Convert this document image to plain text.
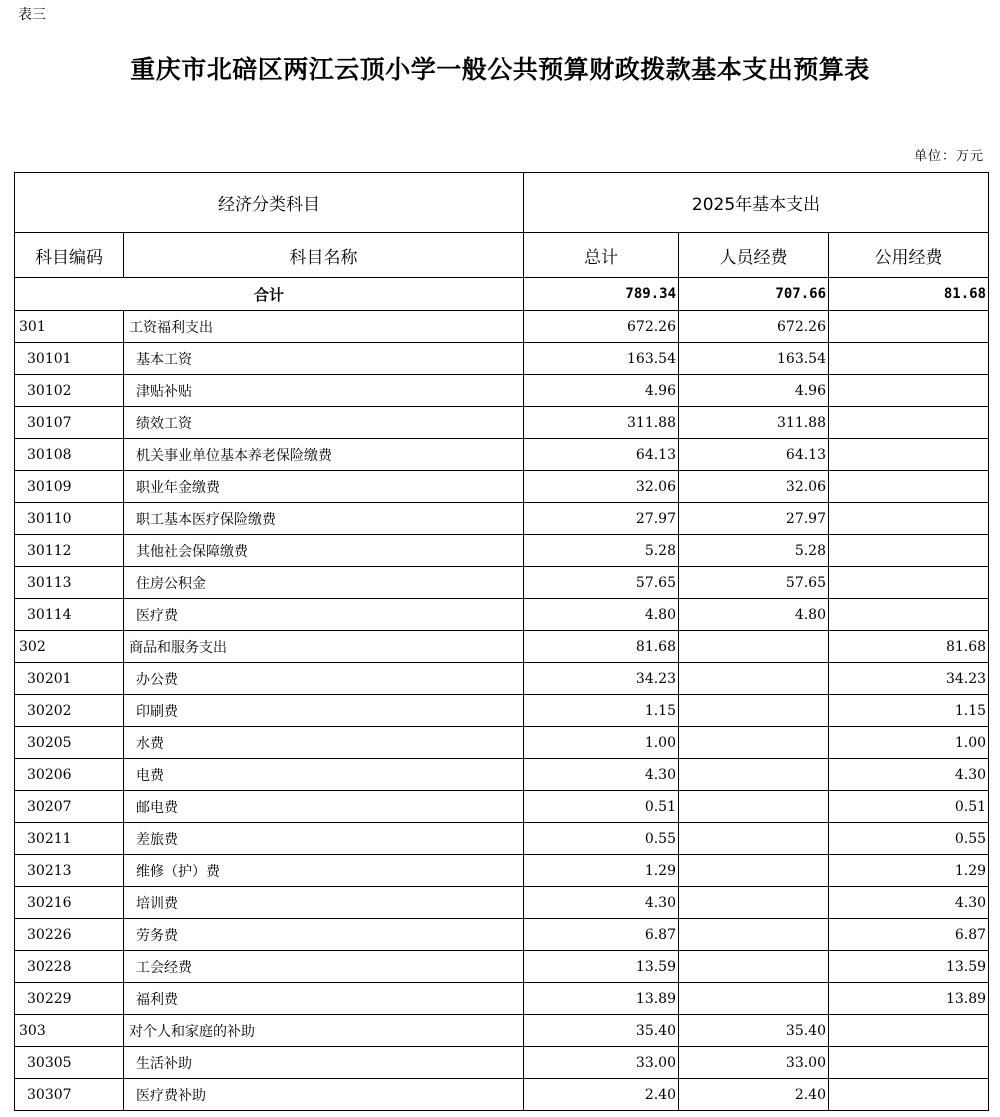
表三
重庆市北碚区两江云顶小学一般公共预算财政拨款基本支出预算表
单位：万元
经济分类科目		2025年基本支出		
科目编码	科目名称	总计	人员经费	公用经费
合计		789.34	707.66	81.68
301	工资福利支出	672.26	672.26	
30101	基本工资	163.54	163.54	
30102	津贴补贴	4.96	4.96	
30107	绩效工资	311.88	311.88	
30108	机关事业单位基本养老保险缴费	64.13	64.13	
30109	职业年金缴费	32.06	32.06	
30110	职工基本医疗保险缴费	27.97	27.97	
30112	其他社会保障缴费	5.28	5.28	
30113	住房公积金	57.65	57.65	
30114	医疗费	4.80	4.80	
302	商品和服务支出	81.68		81.68
30201	办公费	34.23		34.23
30202	印刷费	1.15		1.15
30205	水费	1.00		1.00
30206	电费	4.30		4.30
30207	邮电费	0.51		0.51
30211	差旅费	0.55		0.55
30213	维修（护）费	1.29		1.29
30216	培训费	4.30		4.30
30226	劳务费	6.87		6.87
30228	工会经费	13.59		13.59
30229	福利费	13.89		13.89
303	对个人和家庭的补助	35.40	35.40	
30305	生活补助	33.00	33.00	
30307	医疗费补助	2.40	2.40	
